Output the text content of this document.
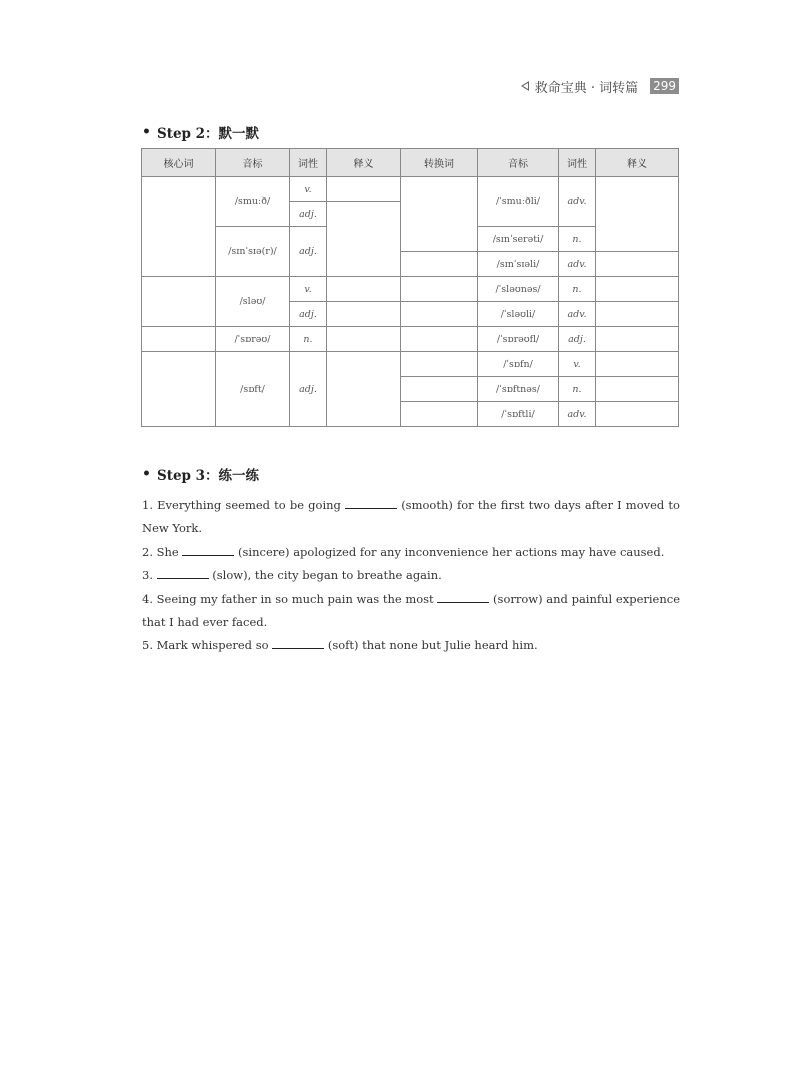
救命宝典 · 词转篇 299
• Step 2：默一默
核心词	音标	词性	释义	转换词	音标	词性	释义
	/smuːð/	v.			/ˈsmuːðli/	adv.	
		adj.					
	/sɪnˈsɪə(r)/	adj.			/sɪnˈserəti/	n.	
					/sɪnˈsɪəli/	adv.	
	/sləʊ/	v.			/ˈsləʊnəs/	n.	
		adj.			/ˈsləʊli/	adv.	
	/ˈsɒrəʊ/	n.			/ˈsɒrəʊfl/	adj.	
	/sɒft/	adj.			/ˈsɒfn/	v.	
					/ˈsɒftnəs/	n.	
					/ˈsɒftli/	adv.	
• Step 3：练一练
1. Everything seemed to be going	(smooth) for the first two days after I moved to New York.
2. She	(sincere) apologized for any inconvenience her actions may have caused.
3.	(slow), the city began to breathe again.
4. Seeing my father in so much pain was the most	(sorrow) and painful experience that I had ever faced.
5. Mark whispered so	(soft) that none but Julie heard him.
​
